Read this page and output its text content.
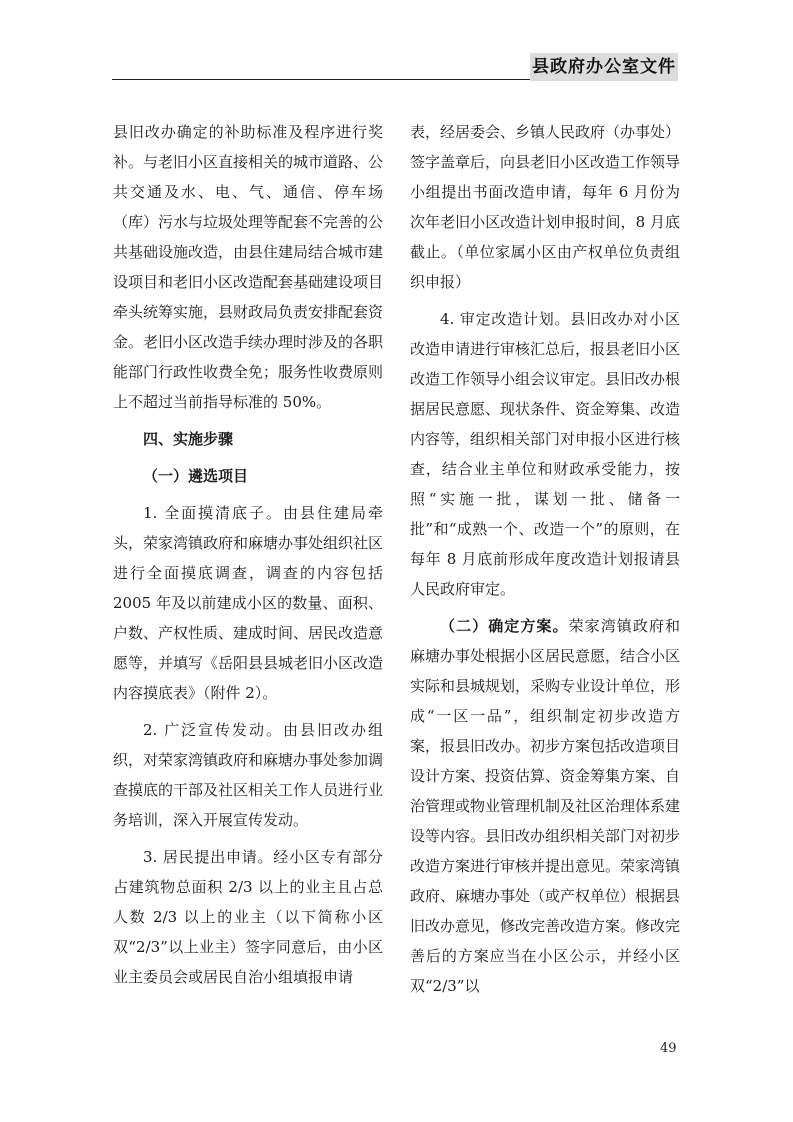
县政府办公室文件

县旧改办确定的补助标准及程序进行奖补。与老旧小区直接相关的城市道路、公共交通及水、电、气、通信、停车场（库）污水与垃圾处理等配套不完善的公共基础设施改造，由县住建局结合城市建设项目和老旧小区改造配套基础建设项目牵头统筹实施，县财政局负责安排配套资金。老旧小区改造手续办理时涉及的各职能部门行政性收费全免；服务性收费原则上不超过当前指导标准的 50%。

四、实施步骤

（一）遴选项目

1. 全面摸清底子。由县住建局牵头，荣家湾镇政府和麻塘办事处组织社区进行全面摸底调查，调查的内容包括 2005 年及以前建成小区的数量、面积、户数、产权性质、建成时间、居民改造意愿等，并填写《岳阳县县城老旧小区改造内容摸底表》（附件 2）。

2. 广泛宣传发动。由县旧改办组织，对荣家湾镇政府和麻塘办事处参加调查摸底的干部及社区相关工作人员进行业务培训，深入开展宣传发动。

3. 居民提出申请。经小区专有部分占建筑物总面积 2/3 以上的业主且占总人数 2/3 以上的业主（以下简称小区双“2/3”以上业主）签字同意后，由小区业主委员会或居民自治小组填报申请

表，经居委会、乡镇人民政府（办事处）签字盖章后，向县老旧小区改造工作领导小组提出书面改造申请，每年 6 月份为次年老旧小区改造计划申报时间，8 月底截止。（单位家属小区由产权单位负责组织申报）

4. 审定改造计划。县旧改办对小区改造申请进行审核汇总后，报县老旧小区改造工作领导小组会议审定。县旧改办根据居民意愿、现状条件、资金筹集、改造内容等，组织相关部门对申报小区进行核查，结合业主单位和财政承受能力，按照“实施一批，谋划一批、储备一批”和“成熟一个、改造一个”的原则，在每年 8 月底前形成年度改造计划报请县人民政府审定。

（二）确定方案。荣家湾镇政府和麻塘办事处根据小区居民意愿，结合小区实际和县城规划，采购专业设计单位，形成“一区一品”，组织制定初步改造方案，报县旧改办。初步方案包括改造项目设计方案、投资估算、资金筹集方案、自治管理或物业管理机制及社区治理体系建设等内容。县旧改办组织相关部门对初步改造方案进行审核并提出意见。荣家湾镇政府、麻塘办事处（或产权单位）根据县旧改办意见，修改完善改造方案。修改完善后的方案应当在小区公示，并经小区双“2/3”以

49
